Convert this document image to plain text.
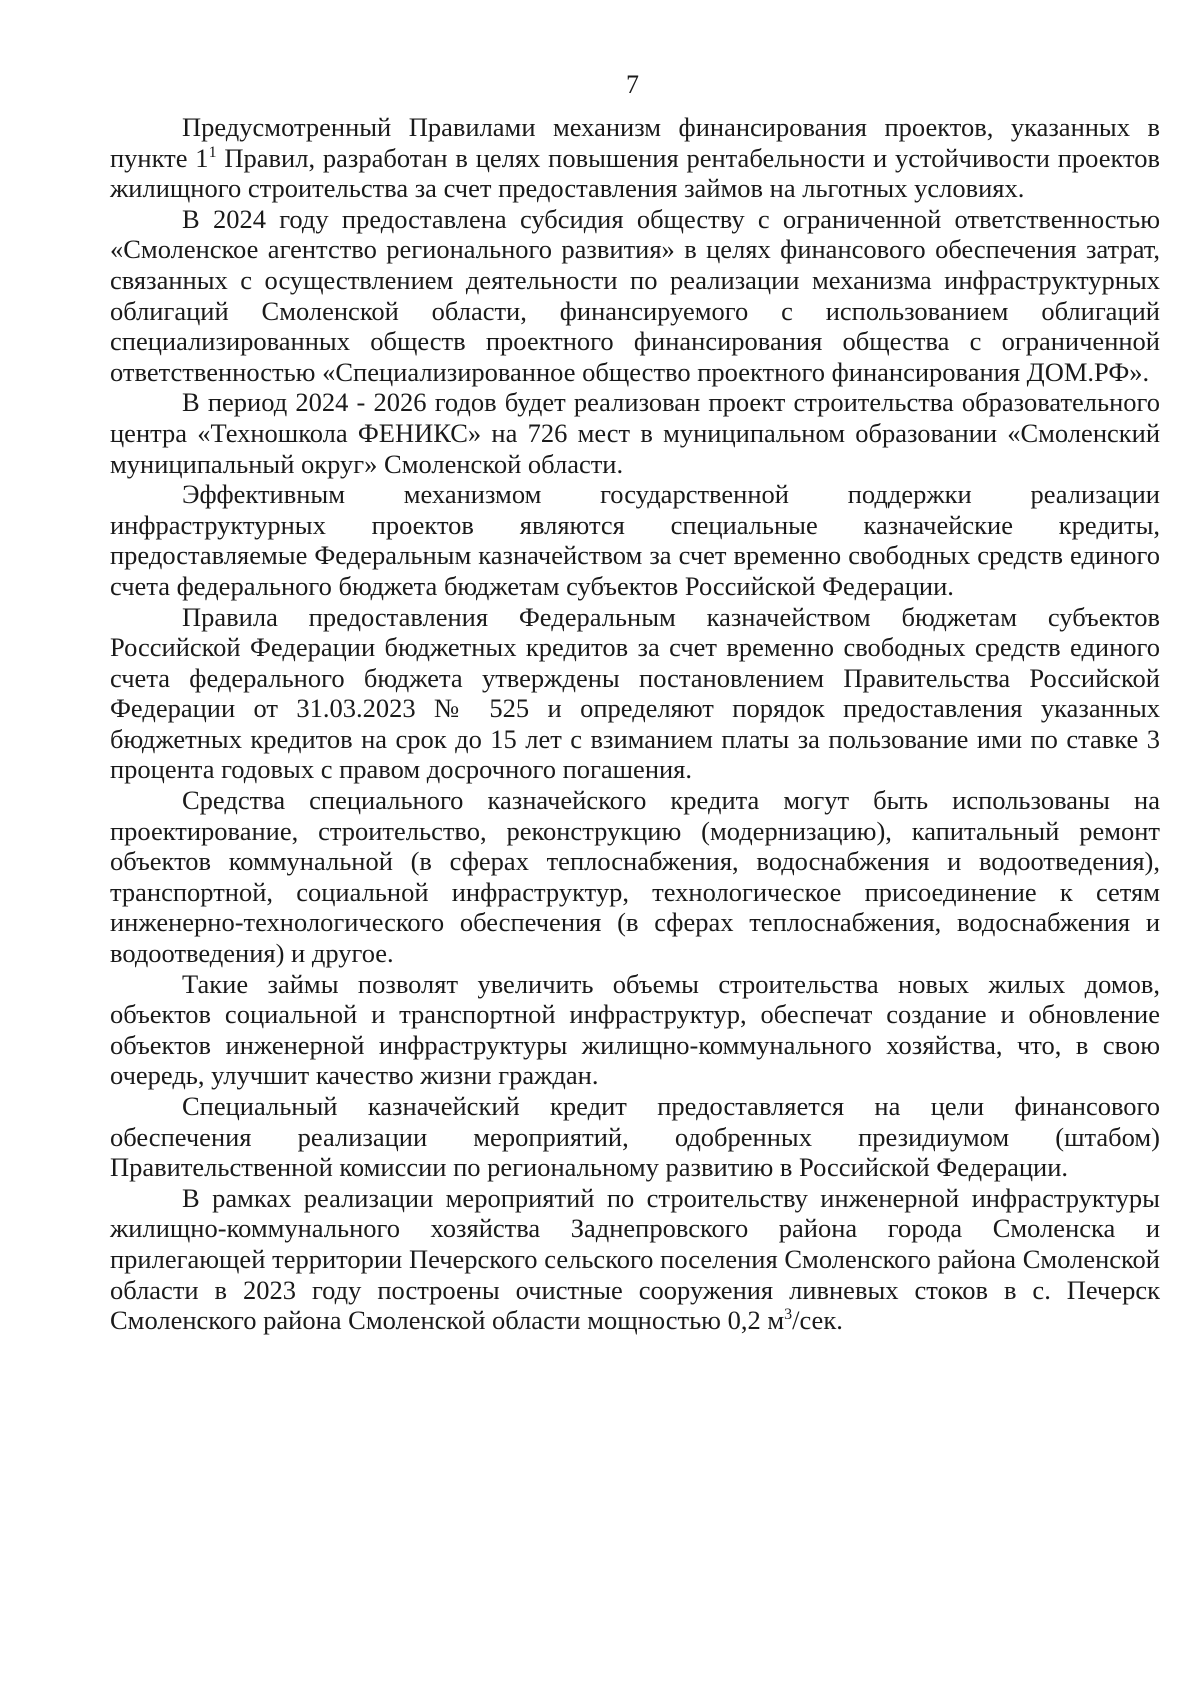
7

Предусмотренный Правилами механизм финансирования проектов, указанных в пункте $1^1$ Правил, разработан в целях повышения рентабельности и устойчивости проектов жилищного строительства за счет предоставления займов на льготных условиях.

В 2024 году предоставлена субсидия обществу с ограниченной ответственностью «Смоленское агентство регионального развития» в целях финансового обеспечения затрат, связанных с осуществлением деятельности по реализации механизма инфраструктурных облигаций Смоленской области, финансируемого с использованием облигаций специализированных обществ проектного финансирования общества с ограниченной ответственностью «Специализированное общество проектного финансирования ДОМ.РФ».

В период 2024 - 2026 годов будет реализован проект строительства образовательного центра «Техношкола ФЕНИКС» на 726 мест в муниципальном образовании «Смоленский муниципальный округ» Смоленской области.

Эффективным механизмом государственной поддержки реализации инфраструктурных проектов являются специальные казначейские кредиты, предоставляемые Федеральным казначейством за счет временно свободных средств единого счета федерального бюджета бюджетам субъектов Российской Федерации.

Правила предоставления Федеральным казначейством бюджетам субъектов Российской Федерации бюджетных кредитов за счет временно свободных средств единого счета федерального бюджета утверждены постановлением Правительства Российской Федерации от 31.03.2023 № 525 и определяют порядок предоставления указанных бюджетных кредитов на срок до 15 лет с взиманием платы за пользование ими по ставке 3 процента годовых с правом досрочного погашения.

Средства специального казначейского кредита могут быть использованы на проектирование, строительство, реконструкцию (модернизацию), капитальный ремонт объектов коммунальной (в сферах теплоснабжения, водоснабжения и водоотведения), транспортной, социальной инфраструктур, технологическое присоединение к сетям инженерно-технологического обеспечения (в сферах теплоснабжения, водоснабжения и водоотведения) и другое.

Такие займы позволят увеличить объемы строительства новых жилых домов, объектов социальной и транспортной инфраструктур, обеспечат создание и обновление объектов инженерной инфраструктуры жилищно-коммунального хозяйства, что, в свою очередь, улучшит качество жизни граждан.

Специальный казначейский кредит предоставляется на цели финансового обеспечения реализации мероприятий, одобренных президиумом (штабом) Правительственной комиссии по региональному развитию в Российской Федерации.

В рамках реализации мероприятий по строительству инженерной инфраструктуры жилищно-коммунального хозяйства Заднепровского района города Смоленска и прилегающей территории Печерского сельского поселения Смоленского района Смоленской области в 2023 году построены очистные сооружения ливневых стоков в с. Печерск Смоленского района Смоленской области мощностью 0,2 $м^3$/сек.
